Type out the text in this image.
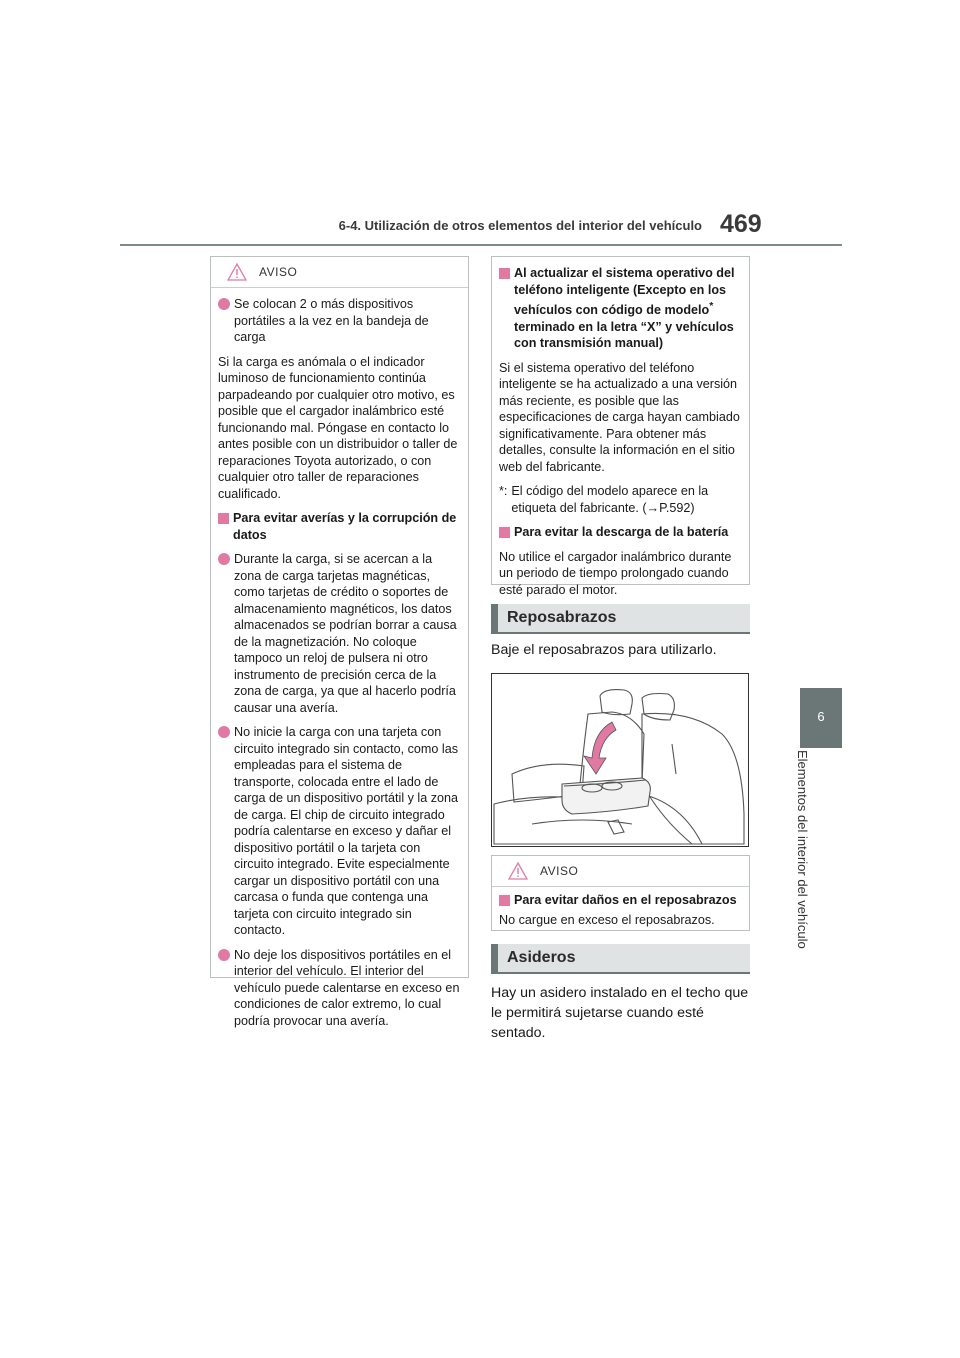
6-4. Utilización de otros elementos del interior del vehículo 469
6
Elementos del interior del vehículo
AVISO
Se colocan 2 o más dispositivos portátiles a la vez en la bandeja de carga
Si la carga es anómala o el indicador luminoso de funcionamiento continúa parpadeando por cualquier otro motivo, es posible que el cargador inalámbrico esté funcionando mal. Póngase en contacto lo antes posible con un distribuidor o taller de reparaciones Toyota autorizado, o con cualquier otro taller de reparaciones cualificado.
Para evitar averías y la corrupción de datos
Durante la carga, si se acercan a la zona de carga tarjetas magnéticas, como tarjetas de crédito o soportes de almacenamiento magnéticos, los datos almacenados se podrían borrar a causa de la magnetización. No coloque tampoco un reloj de pulsera ni otro instrumento de precisión cerca de la zona de carga, ya que al hacerlo podría causar una avería.
No inicie la carga con una tarjeta con circuito integrado sin contacto, como las empleadas para el sistema de transporte, colocada entre el lado de carga de un dispositivo portátil y la zona de carga. El chip de circuito integrado podría calentarse en exceso y dañar el dispositivo portátil o la tarjeta con circuito integrado. Evite especialmente cargar un dispositivo portátil con una carcasa o funda que contenga una tarjeta con circuito integrado sin contacto.
No deje los dispositivos portátiles en el interior del vehículo. El interior del vehículo puede calentarse en exceso en condiciones de calor extremo, lo cual podría provocar una avería.
Al actualizar el sistema operativo del teléfono inteligente (Excepto en los vehículos con código de modelo* terminado en la letra “X” y vehículos con transmisión manual)
Si el sistema operativo del teléfono inteligente se ha actualizado a una versión más reciente, es posible que las especificaciones de carga hayan cambiado significativamente. Para obtener más detalles, consulte la información en el sitio web del fabricante.
*: El código del modelo aparece en la etiqueta del fabricante. (→P.592)
Para evitar la descarga de la batería
No utilice el cargador inalámbrico durante un periodo de tiempo prolongado cuando esté parado el motor.
Reposabrazos
Baje el reposabrazos para utilizarlo.
AVISO
Para evitar daños en el reposabrazos
No cargue en exceso el reposabrazos.
Asideros
Hay un asidero instalado en el techo que le permitirá sujetarse cuando esté sentado.
